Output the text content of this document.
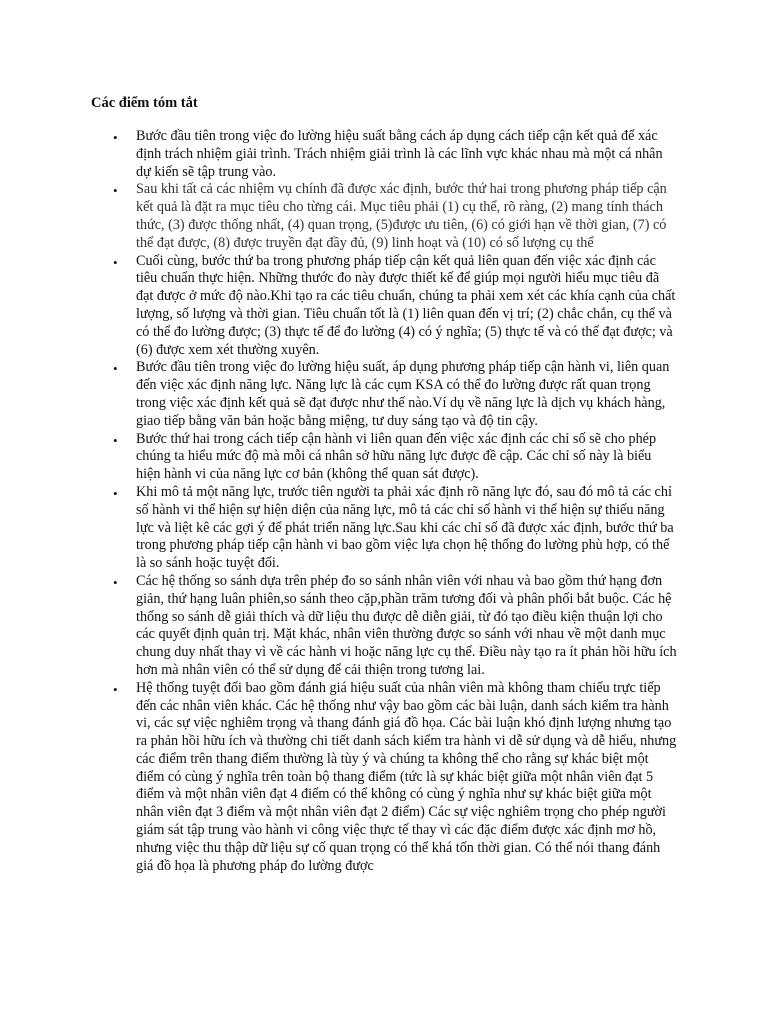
Các điểm tóm tắt
• Bước đầu tiên trong việc đo lường hiệu suất bằng cách áp dụng cách tiếp cận kết quả để xác định trách nhiệm giải trình. Trách nhiệm giải trình là các lĩnh vực khác nhau mà một cá nhân dự kiến sẽ tập trung vào.
• Sau khi tất cả các nhiệm vụ chính đã được xác định, bước thứ hai trong phương pháp tiếp cận kết quả là đặt ra mục tiêu cho từng cái. Mục tiêu phải (1) cụ thể, rõ ràng, (2) mang tính thách thức, (3) được thống nhất, (4) quan trọng, (5)được ưu tiên, (6) có giới hạn về thời gian, (7) có thể đạt được, (8) được truyền đạt đầy đủ, (9) linh hoạt và (10) có số lượng cụ thể
• Cuối cùng, bước thứ ba trong phương pháp tiếp cận kết quả liên quan đến việc xác định các tiêu chuẩn thực hiện. Những thước đo này được thiết kế để giúp mọi người hiểu mục tiêu đã đạt được ở mức độ nào.Khi tạo ra các tiêu chuẩn, chúng ta phải xem xét các khía cạnh của chất lượng, số lượng và thời gian. Tiêu chuẩn tốt là (1) liên quan đến vị trí; (2) chắc chắn, cụ thể và có thể đo lường được; (3) thực tế để đo lường (4) có ý nghĩa; (5) thực tế và có thể đạt được; và (6) được xem xét thường xuyên.
• Bước đầu tiên trong việc đo lường hiệu suất, áp dụng phương pháp tiếp cận hành vi, liên quan đến việc xác định năng lực. Năng lực là các cụm KSA có thể đo lường được rất quan trọng trong việc xác định kết quả sẽ đạt được như thế nào.Ví dụ về năng lực là dịch vụ khách hàng, giao tiếp bằng văn bản hoặc bằng miệng, tư duy sáng tạo và độ tin cậy.
• Bước thứ hai trong cách tiếp cận hành vi liên quan đến việc xác định các chỉ số sẽ cho phép chúng ta hiểu mức độ mà mỗi cá nhân sở hữu năng lực được đề cập. Các chỉ số này là biểu hiện hành vi của năng lực cơ bản (không thể quan sát được).
• Khi mô tả một năng lực, trước tiên người ta phải xác định rõ năng lực đó, sau đó mô tả các chỉ số hành vi thể hiện sự hiện diện của năng lực, mô tả các chỉ số hành vi thể hiện sự thiếu năng lực và liệt kê các gợi ý để phát triển năng lực.Sau khi các chỉ số đã được xác định, bước thứ ba trong phương pháp tiếp cận hành vi bao gồm việc lựa chọn hệ thống đo lường phù hợp, có thể là so sánh hoặc tuyệt đối.
• Các hệ thống so sánh dựa trên phép đo so sánh nhân viên với nhau và bao gồm thứ hạng đơn giản, thứ hạng luân phiên,so sánh theo cặp,phần trăm tương đối và phân phối bắt buộc. Các hệ thống so sánh dễ giải thích và dữ liệu thu được dễ diễn giải, từ đó tạo điều kiện thuận lợi cho các quyết định quản trị. Mặt khác, nhân viên thường được so sánh với nhau về một danh mục chung duy nhất thay vì về các hành vi hoặc năng lực cụ thể. Điều này tạo ra ít phản hồi hữu ích hơn mà nhân viên có thể sử dụng để cải thiện trong tương lai.
• Hệ thống tuyệt đối bao gồm đánh giá hiệu suất của nhân viên mà không tham chiếu trực tiếp đến các nhân viên khác. Các hệ thống như vậy bao gồm các bài luận, danh sách kiểm tra hành vi, các sự việc nghiêm trọng và thang đánh giá đồ họa. Các bài luận khó định lượng nhưng tạo ra phản hồi hữu ích và thường chi tiết danh sách kiểm tra hành vi dễ sử dụng và dễ hiểu, nhưng các điểm trên thang điểm thường là tùy ý và chúng ta không thể cho rằng sự khác biệt một điểm có cùng ý nghĩa trên toàn bộ thang điểm (tức là sự khác biệt giữa một nhân viên đạt 5 điểm và một nhân viên đạt 4 điểm có thể không có cùng ý nghĩa như sự khác biệt giữa một nhân viên đạt 3 điểm và một nhân viên đạt 2 điểm) Các sự việc nghiêm trọng cho phép người giám sát tập trung vào hành vi công việc thực tế thay vì các đặc điểm được xác định mơ hồ, nhưng việc thu thập dữ liệu sự cố quan trọng có thể khá tốn thời gian. Có thể nói thang đánh giá đồ họa là phương pháp đo lường được
